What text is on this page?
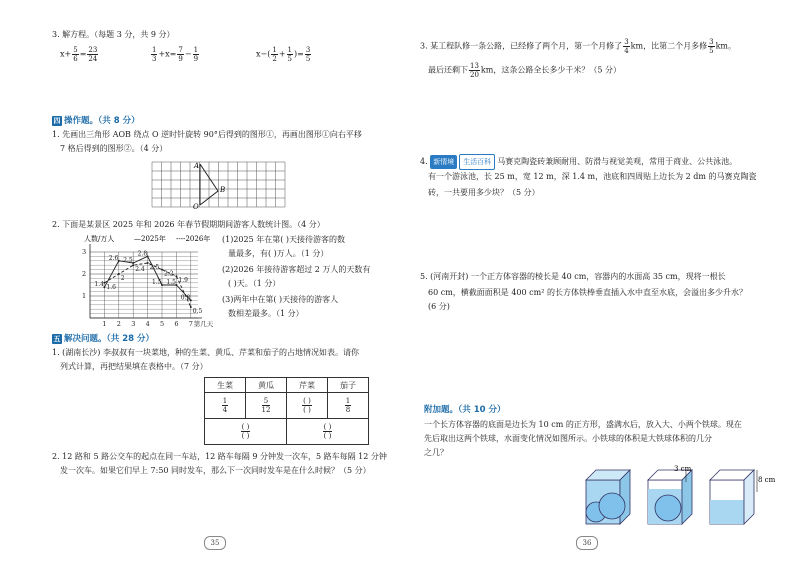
3. 解方程。（每题 3 分，共 9 分）
$x+ \frac{5}{6} = \frac{23}{24}$	$\frac{1}{3} +x= \frac{7}{9} - \frac{1}{9}$	$x-( \frac{1}{2} + \frac{1}{5}$ )= $\frac{3}{5}$
四 操作题。（共 8 分）
1. 先画出三角形 AOB 绕点 O 逆时针旋转 90°后得到的图形①，再画出图形①向右平移
7 格后得到的图形②。（4 分）
A
B
O
2. 下面是某景区 2025 年和 2026 年春节假期期间游客人数统计图。（4 分）
1
2
3
1 2 3 4 5 6 7 第几天
1.4
2.6 2.5
2.8
1.5 1.5
0.8
1.6
2
2.4 2.5
2.2
1.9
0.5
人数/万人	—2025年 ----2026年 (1)2025 年在第( )天接待游客的数
量最多，有( )万人。（1 分）
(2)2026 年接待游客超过 2 万人的天数有
( )天。（1 分）
(3)两年中在第( )天接待的游客人
数相差最多。（1 分）
五 解决问题。（共 28 分）
1. (湖南长沙) 李叔叔有一块菜地，种的生菜、黄瓜、芹菜和茄子的占地情况如表。请你
列式计算，再把结果填在表格中。（7 分）
生菜	黄瓜	芹菜	茄子

$\frac{1}{4}$	$\frac{5}{12}$	$\frac{( )}{( )}$	$\frac{1}{8}$

$\frac{( )}{( )}$		$\frac{( )}{( )}$
2. 12 路和 5 路公交车的起点在同一车站，12 路车每隔 9 分钟发一次车，5 路车每隔 12 分钟
发一次车。如果它们早上 7:50 同时发车，那么下一次同时发车是在什么时候？（5 分）
35
3. 某工程队修一条公路，已经修了两个月，第一个月修了 $\frac{3}{4}$ km，比第二个月多修 $\frac{3}{5}$ km。
最后还剩下 $\frac{13}{20}$ km，这条公路全长多少千米？（5 分）
4. 新情境 生活百科 马赛克陶瓷砖兼顾耐用、防滑与视觉美观，常用于商业、公共泳池。
有一个游泳池，长 25 m，宽 12 m，深 1.4 m，池底和四周贴上边长为 2 dm 的马赛克陶瓷
砖，一共要用多少块？（5 分）
5. (河南开封) 一个正方体容器的棱长是 40 cm，容器内的水面高 35 cm，现将一根长
60 cm，横截面面积是 400 cm² 的长方体铁棒垂直插入水中直至水底，会溢出多少升水？
(6 分)
附加题。（共 10 分）
一个长方体容器的底面是边长为 10 cm 的正方形，盛满水后，放入大、小两个铁球。现在
先后取出这两个铁球，水面变化情况如图所示。小铁球的体积是大铁球体积的几分
之几？
3 cm
8 cm
36
